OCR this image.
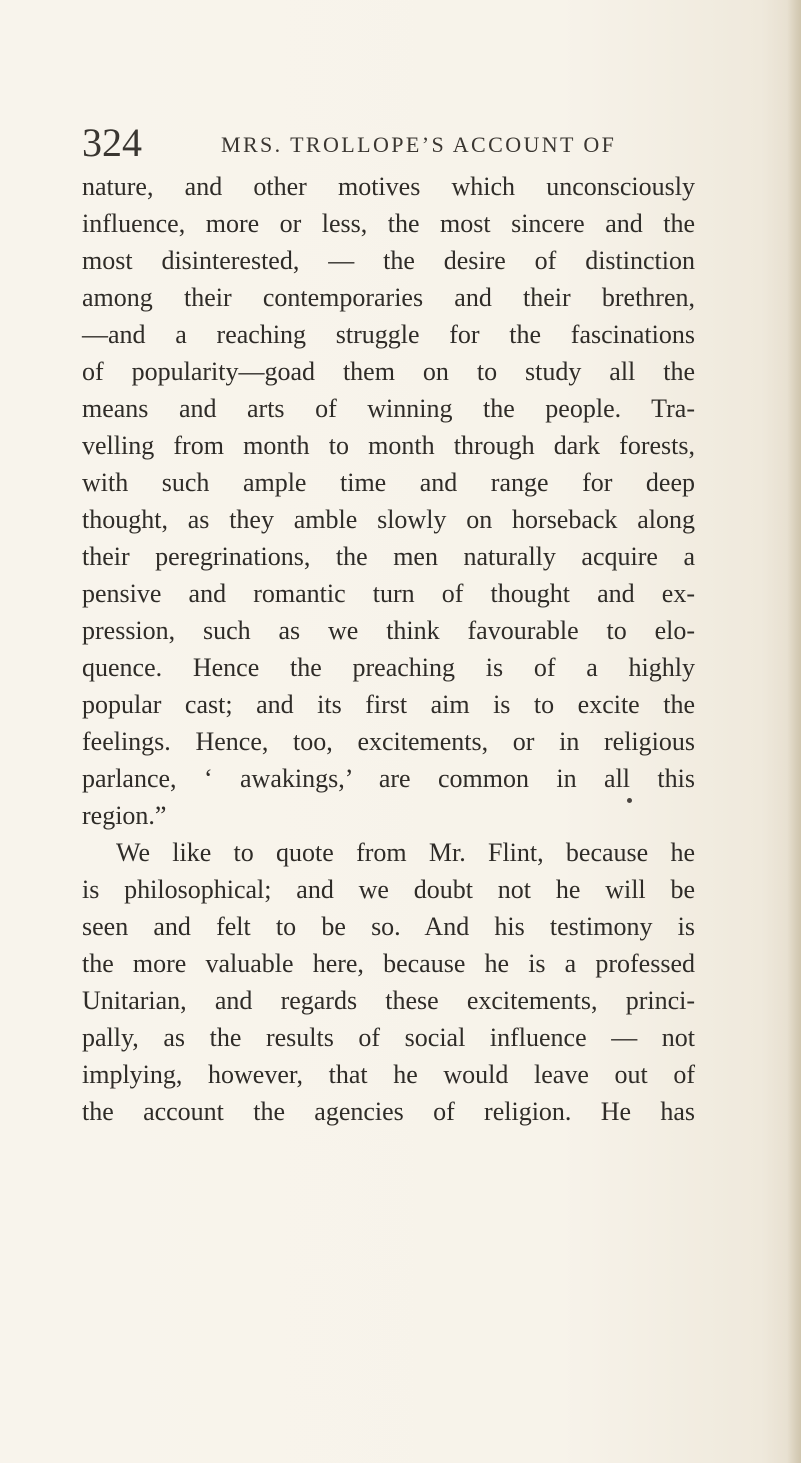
324	MRS. TROLLOPE’S ACCOUNT OF
nature, and other motives which unconsciously
influence, more or less, the most sincere and the
most disinterested, — the desire of distinction
among their contemporaries and their brethren,
—and a reaching struggle for the fascinations
of popularity—goad them on to study all the
means and arts of winning the people. Tra-
velling from month to month through dark forests,
with such ample time and range for deep
thought, as they amble slowly on horseback along
their peregrinations, the men naturally acquire a
pensive and romantic turn of thought and ex-
pression, such as we think favourable to elo-
quence. Hence the preaching is of a highly
popular cast; and its first aim is to excite the
feelings. Hence, too, excitements, or in religious
parlance, ‘ awakings,’ are common in all this
region.”
We like to quote from Mr. Flint, because he
is philosophical; and we doubt not he will be
seen and felt to be so. And his testimony is
the more valuable here, because he is a professed
Unitarian, and regards these excitements, princi-
pally, as the results of social influence — not
implying, however, that he would leave out of
the account the agencies of religion. He has
